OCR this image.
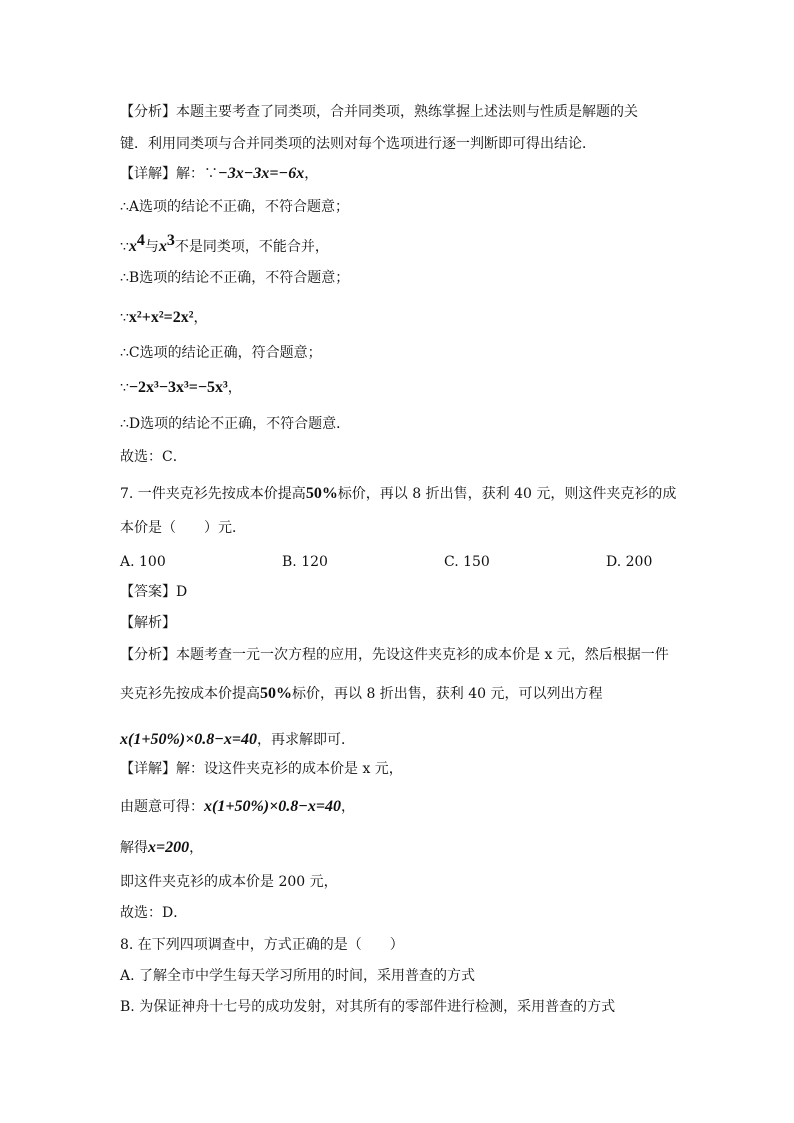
【分析】本题主要考查了同类项，合并同类项，熟练掌握上述法则与性质是解题的关
键．利用同类项与合并同类项的法则对每个选项进行逐一判断即可得出结论．
【详解】解：∵−3x−3x=−6x，
∴A选项的结论不正确，不符合题意；
$\because x^4$与$x^3$不是同类项，不能合并，
∴B选项的结论不正确，不符合题意；
∵x²+x²=2x²，
∴C选项的结论正确，符合题意；
∵−2x³−3x³=−5x³，
∴D选项的结论不正确，不符合题意．
故选：C．
7. 一件夹克衫先按成本价提高50%标价，再以 8 折出售，获利 40 元，则这件夹克衫的成
本价是（　　）元．
A. 100	B. 120	C. 150	D. 200
【答案】D
【解析】
【分析】本题考查一元一次方程的应用，先设这件夹克衫的成本价是 x 元，然后根据一件
夹克衫先按成本价提高50%标价，再以 8 折出售，获利 40 元，可以列出方程
x(1+50%)×0.8−x=40，再求解即可．
【详解】解：设这件夹克衫的成本价是 x 元，
由题意可得：x(1+50%)×0.8−x=40，
解得x=200，
即这件夹克衫的成本价是 200 元，
故选：D．
8. 在下列四项调查中，方式正确的是（　　）
A. 了解全市中学生每天学习所用的时间，采用普查的方式
B. 为保证神舟十七号的成功发射，对其所有的零部件进行检测，采用普查的方式
